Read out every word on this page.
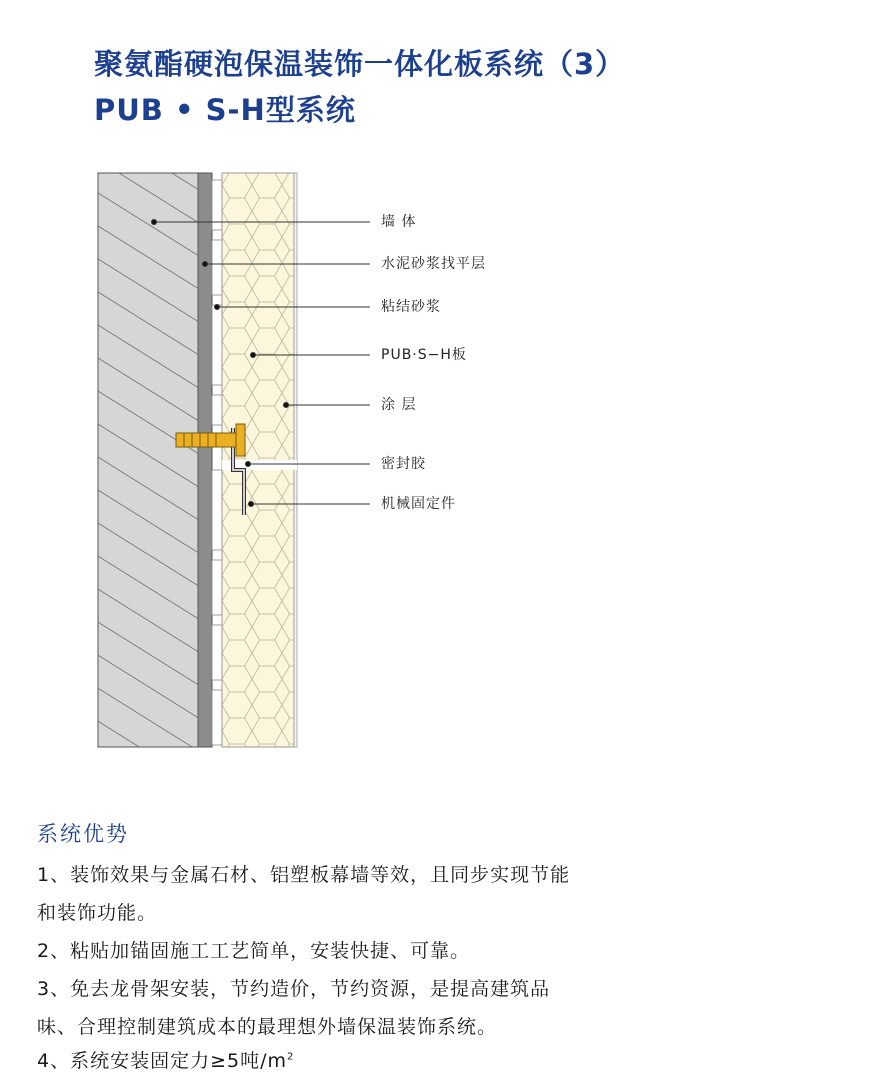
聚氨酯硬泡保温装饰一体化板系统（3）
PUB • S-H型系统
墙 体
水泥砂浆找平层
粘结砂浆
PUB·S−H板
涂 层
密封胶
机械固定件
系统优势

1、装饰效果与金属石材、铝塑板幕墙等效，且同步实现节能

和装饰功能。

2、粘贴加锚固施工工艺简单，安装快捷、可靠。

3、免去龙骨架安装，节约造价，节约资源，是提高建筑品

味、合理控制建筑成本的最理想外墙保温装饰系统。

4、系统安装固定力≥5吨$/m^2$
